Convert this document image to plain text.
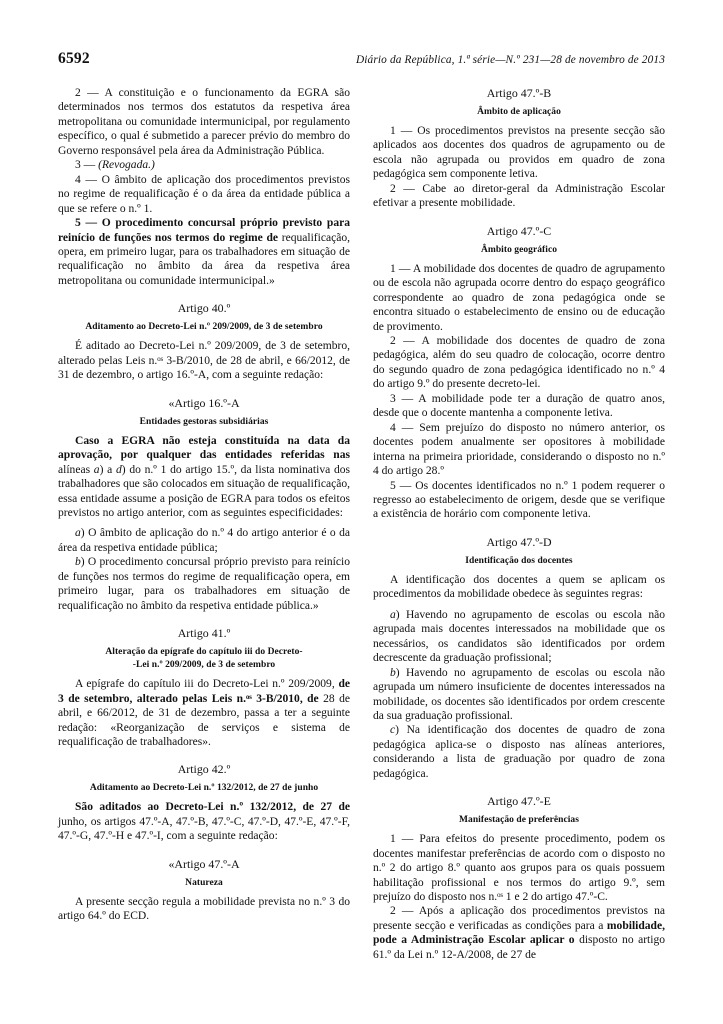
6592	Diário da República, 1.ª série—N.º 231—28 de novembro de 2013

2 — A constituição e o funcionamento da EGRA são determinados nos termos dos estatutos da respetiva área metropolitana ou comunidade intermunicipal, por regulamento específico, o qual é submetido a parecer prévio do membro do Governo responsável pela área da Administração Pública.

3 — (Revogada.)

4 — O âmbito de aplicação dos procedimentos previstos no regime de requalificação é o da área da entidade pública a que se refere o n.º 1.

5 — O procedimento concursal próprio previsto para reinício de funções nos termos do regime de requalificação, opera, em primeiro lugar, para os trabalhadores em situação de requalificação no âmbito da área da respetiva área metropolitana ou comunidade intermunicipal.»

Artigo 40.º

Aditamento ao Decreto-Lei n.º 209/2009, de 3 de setembro

É aditado ao Decreto-Lei n.º 209/2009, de 3 de setembro, alterado pelas Leis n.ᵒˢ 3-B/2010, de 28 de abril, e 66/2012, de 31 de dezembro, o artigo 16.º-A, com a seguinte redação:

«Artigo 16.º-A

Entidades gestoras subsidiárias

Caso a EGRA não esteja constituída na data da aprovação, por qualquer das entidades referidas nas alíneas a) a d) do n.º 1 do artigo 15.º, da lista nominativa dos trabalhadores que são colocados em situação de requalificação, essa entidade assume a posição de EGRA para todos os efeitos previstos no artigo anterior, com as seguintes especificidades:

a) O âmbito de aplicação do n.º 4 do artigo anterior é o da área da respetiva entidade pública;

b) O procedimento concursal próprio previsto para reinício de funções nos termos do regime de requalificação opera, em primeiro lugar, para os trabalhadores em situação de requalificação no âmbito da respetiva entidade pública.»

Artigo 41.º

Alteração da epígrafe do capítulo iii do Decreto-

-Lei n.º 209/2009, de 3 de setembro

A epígrafe do capítulo iii do Decreto-Lei n.º 209/2009, de 3 de setembro, alterado pelas Leis n.ᵒˢ 3-B/2010, de 28 de abril, e 66/2012, de 31 de dezembro, passa a ter a seguinte redação: «Reorganização de serviços e sistema de requalificação de trabalhadores».

Artigo 42.º

Aditamento ao Decreto-Lei n.º 132/2012, de 27 de junho

São aditados ao Decreto-Lei n.º 132/2012, de 27 de junho, os artigos 47.º-A, 47.º-B, 47.º-C, 47.º-D, 47.º-E, 47.º-F, 47.º-G, 47.º-H e 47.º-I, com a seguinte redação:

«Artigo 47.º-A

Natureza

A presente secção regula a mobilidade prevista no n.º 3 do artigo 64.º do ECD.

Artigo 47.º-B

Âmbito de aplicação

1 — Os procedimentos previstos na presente secção são aplicados aos docentes dos quadros de agrupamento ou de escola não agrupada ou providos em quadro de zona pedagógica sem componente letiva.

2 — Cabe ao diretor-geral da Administração Escolar efetivar a presente mobilidade.

Artigo 47.º-C

Âmbito geográfico

1 — A mobilidade dos docentes de quadro de agrupamento ou de escola não agrupada ocorre dentro do espaço geográfico correspondente ao quadro de zona pedagógica onde se encontra situado o estabelecimento de ensino ou de educação de provimento.

2 — A mobilidade dos docentes de quadro de zona pedagógica, além do seu quadro de colocação, ocorre dentro do segundo quadro de zona pedagógica identificado no n.º 4 do artigo 9.º do presente decreto-lei.

3 — A mobilidade pode ter a duração de quatro anos, desde que o docente mantenha a componente letiva.

4 — Sem prejuízo do disposto no número anterior, os docentes podem anualmente ser opositores à mobilidade interna na primeira prioridade, considerando o disposto no n.º 4 do artigo 28.º

5 — Os docentes identificados no n.º 1 podem requerer o regresso ao estabelecimento de origem, desde que se verifique a existência de horário com componente letiva.

Artigo 47.º-D

Identificação dos docentes

A identificação dos docentes a quem se aplicam os procedimentos da mobilidade obedece às seguintes regras:

a) Havendo no agrupamento de escolas ou escola não agrupada mais docentes interessados na mobilidade que os necessários, os candidatos são identificados por ordem decrescente da graduação profissional;

b) Havendo no agrupamento de escolas ou escola não agrupada um número insuficiente de docentes interessados na mobilidade, os docentes são identificados por ordem crescente da sua graduação profissional.

c) Na identificação dos docentes de quadro de zona pedagógica aplica-se o disposto nas alíneas anteriores, considerando a lista de graduação por quadro de zona pedagógica.

Artigo 47.º-E

Manifestação de preferências

1 — Para efeitos do presente procedimento, podem os docentes manifestar preferências de acordo com o disposto no n.º 2 do artigo 8.º quanto aos grupos para os quais possuem habilitação profissional e nos termos do artigo 9.º, sem prejuízo do disposto nos n.ᵒˢ 1 e 2 do artigo 47.º-C.

2 — Após a aplicação dos procedimentos previstos na presente secção e verificadas as condições para a mobilidade, pode a Administração Escolar aplicar o disposto no artigo 61.º da Lei n.º 12-A/2008, de 27 de
